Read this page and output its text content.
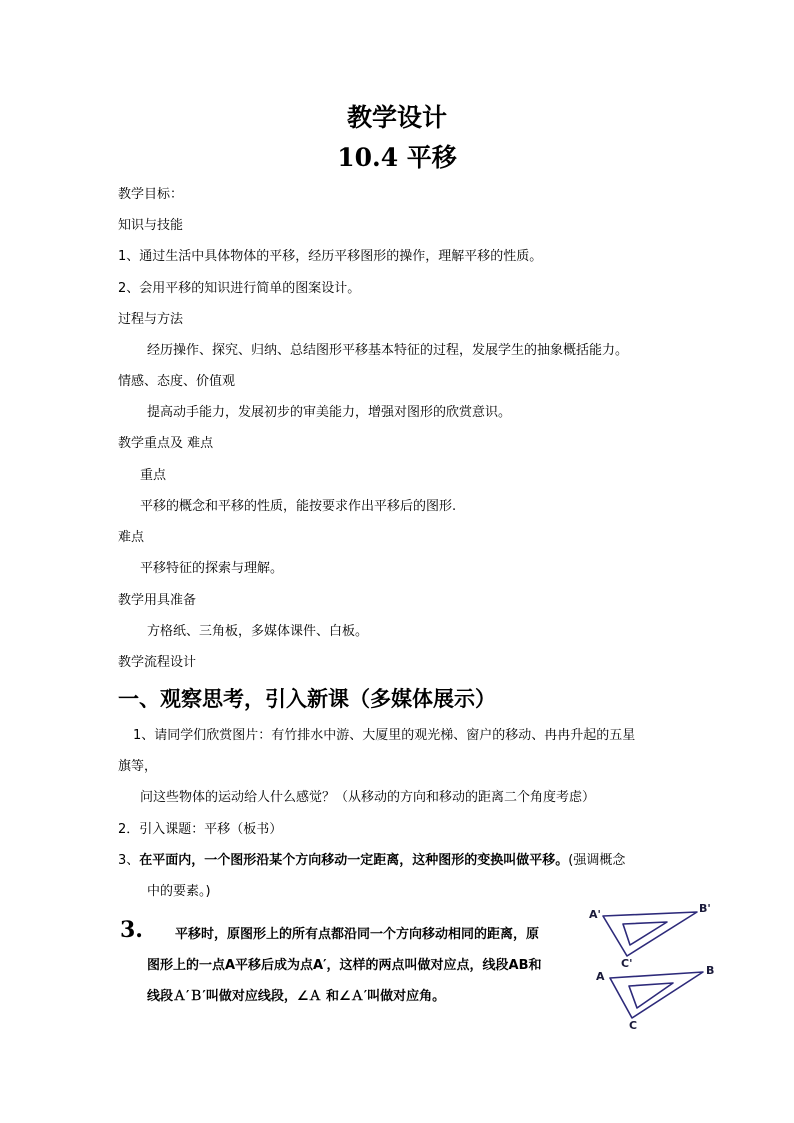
教学设计
10.4 平移

教学目标：

知识与技能

1、通过生活中具体物体的平移，经历平移图形的操作，理解平移的性质。

2、会用平移的知识进行简单的图案设计。

过程与方法

经历操作、探究、归纳、总结图形平移基本特征的过程，发展学生的抽象概括能力。

情感、态度、价值观

提高动手能力，发展初步的审美能力，增强对图形的欣赏意识。

教学重点及 难点

重点

平移的概念和平移的性质，能按要求作出平移后的图形.

难点

平移特征的探索与理解。

教学用具准备

方格纸、三角板，多媒体课件、白板。

教学流程设计

一、观察思考，引入新课（多媒体展示）

1、请同学们欣赏图片：有竹排水中游、大厦里的观光梯、窗户的移动、冉冉升起的五星

旗等，

问这些物体的运动给人什么感觉？（从移动的方向和移动的距离二个角度考虑）

2．引入课题：平移（板书）

3、在平面内，一个图形沿某个方向移动一定距离，这种图形的变换叫做平移。(强调概念

中的要素。)

3. 平移时，原图形上的所有点都沿同一个方向移动相同的距离，原

图形上的一点A平移后成为点A′，这样的两点叫做对应点，线段AB和

线段Ａ′Ｂ′叫做对应线段，∠Ａ 和∠Ａ′叫做对应角。

A'	B'
C'
A	B
C
